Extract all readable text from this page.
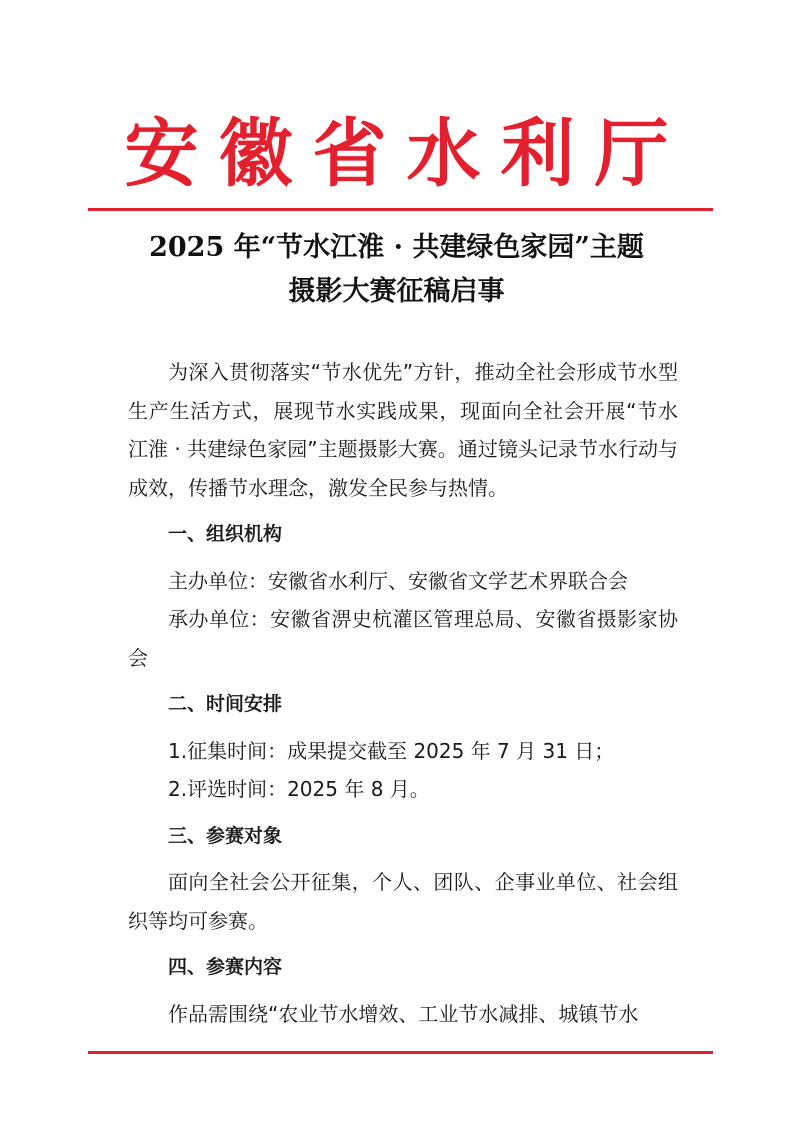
安徽省水利厅
2025 年“节水江淮 · 共建绿色家园”主题
摄影大赛征稿启事

为深入贯彻落实“节水优先”方针，推动全社会形成节水型生产生活方式，展现节水实践成果，现面向全社会开展“节水江淮 · 共建绿色家园”主题摄影大赛。通过镜头记录节水行动与成效，传播节水理念，激发全民参与热情。

一、组织机构

主办单位：安徽省水利厅、安徽省文学艺术界联合会

承办单位：安徽省淠史杭灌区管理总局、安徽省摄影家协会

二、时间安排

1.征集时间：成果提交截至 2025 年 7 月 31 日；

2.评选时间：2025 年 8 月。

三、参赛对象

面向全社会公开征集，个人、团队、企事业单位、社会组织等均可参赛。

四、参赛内容

作品需围绕“农业节水增效、工业节水减排、城镇节水
